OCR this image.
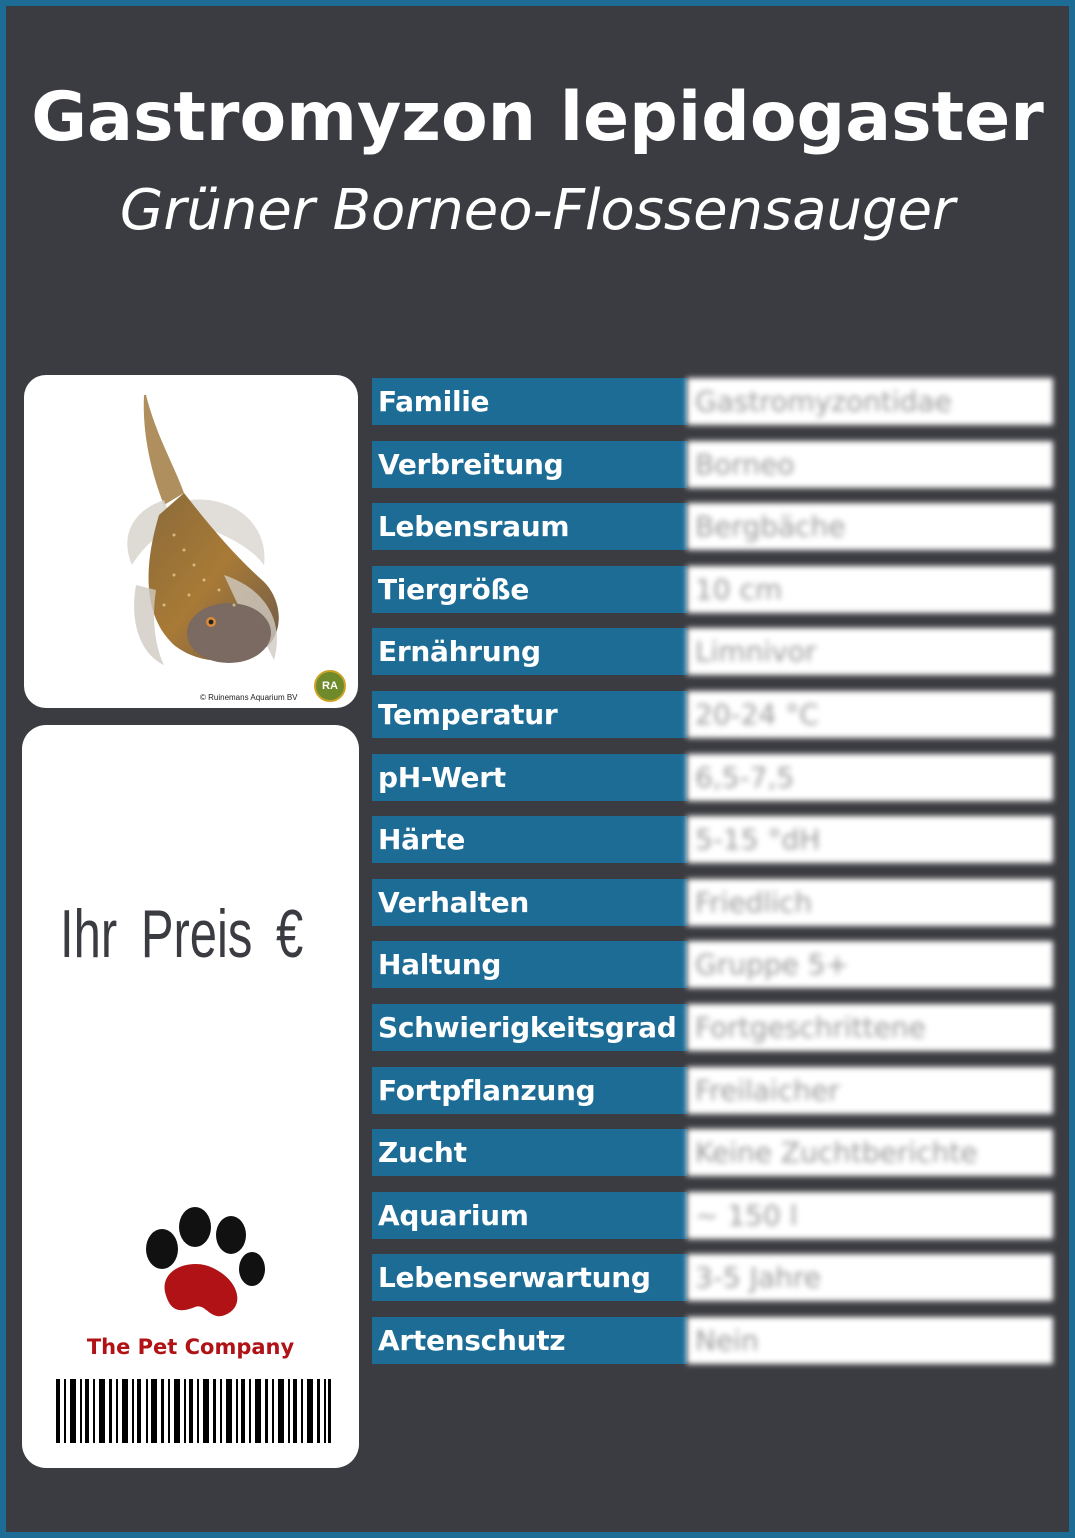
Gastromyzon lepidogaster
Grüner Borneo-Flossensauger
© Ruinemans Aquarium BV
RA
Ihr Preis €
The Pet Company
Familie	Gastromyzontidae
Verbreitung	Borneo
Lebensraum	Bergbäche
Tiergröße	10 cm
Ernährung	Limnivor
Temperatur	20-24 °C
pH-Wert	6,5-7,5
Härte	5-15 °dH
Verhalten	Friedlich
Haltung	Gruppe 5+
Schwierigkeitsgrad Fortgeschrittene
Fortpflanzung	Freilaicher
Zucht	Keine Zuchtberichte
Aquarium	~ 150 l
Lebenserwartung	3-5 Jahre
Artenschutz	Nein
